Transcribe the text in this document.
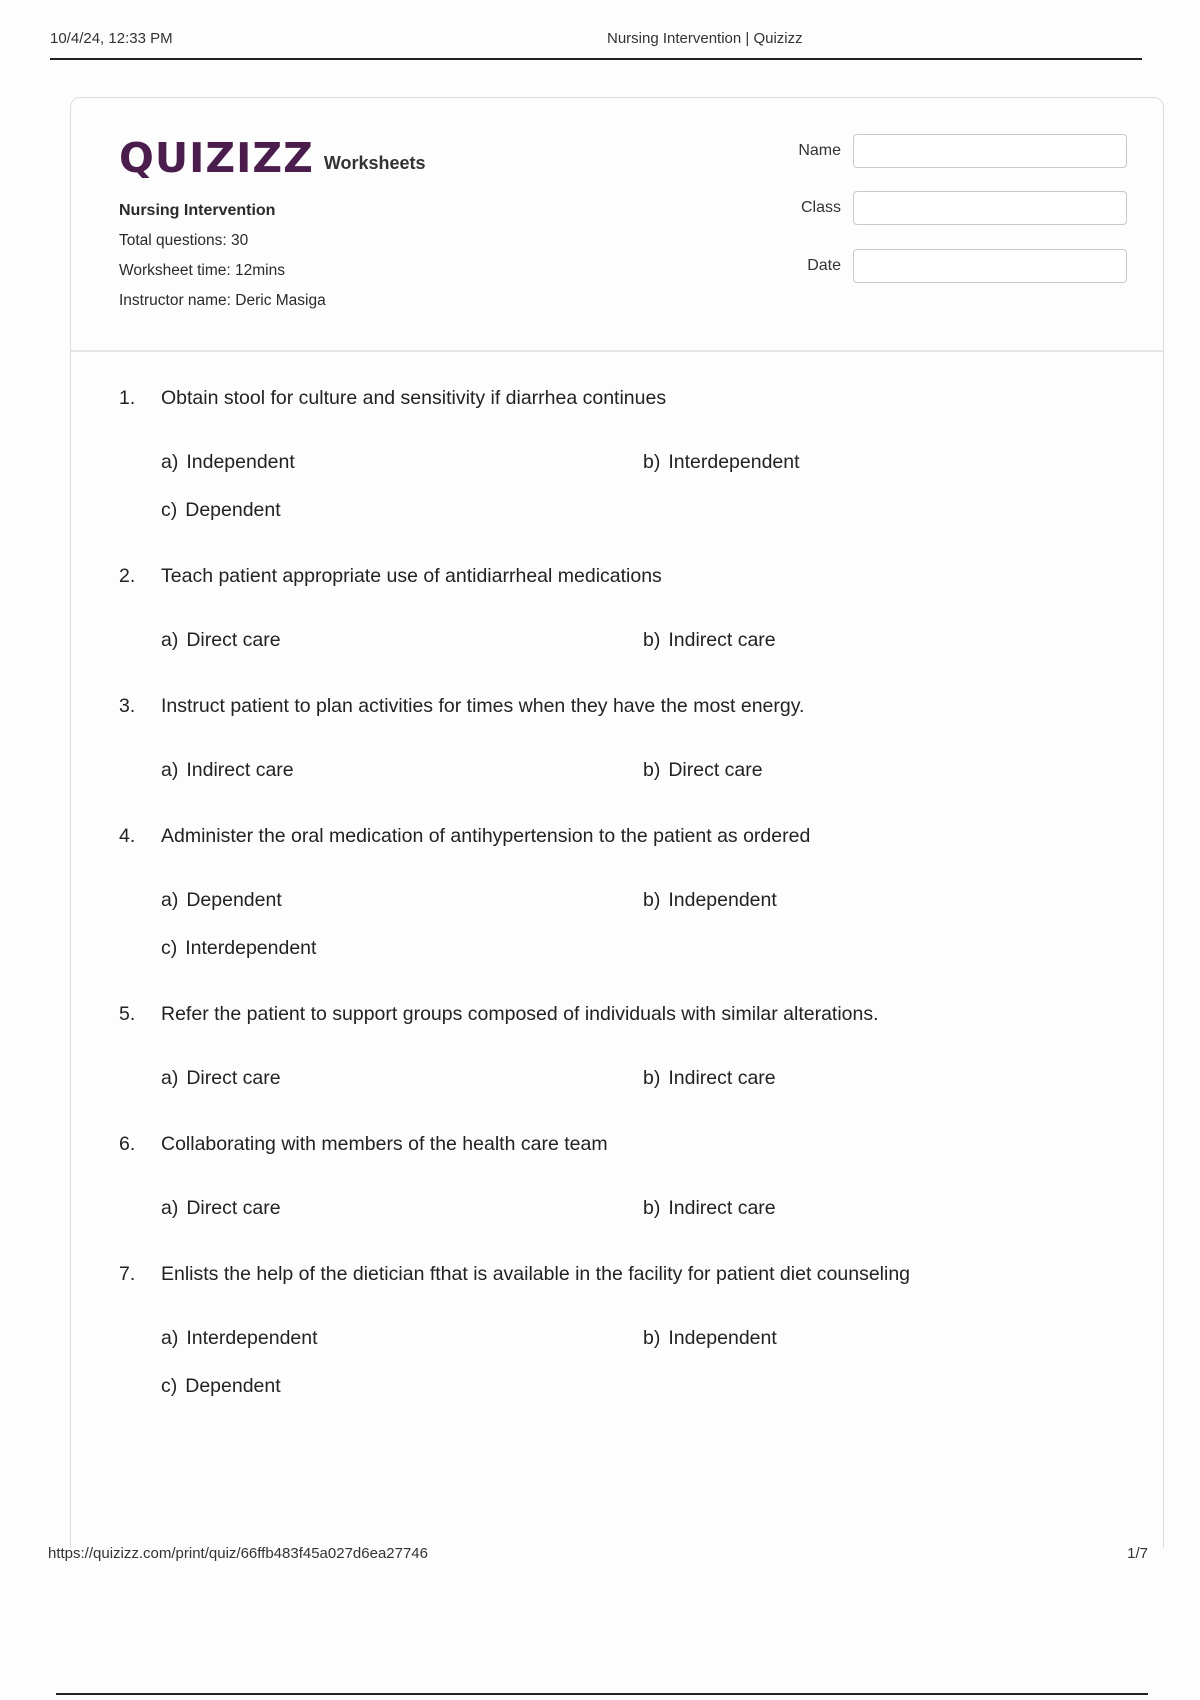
10/4/24, 12:33 PM	Nursing Intervention | Quizizz
QUIZIZZ Worksheets
Nursing Intervention
Total questions: 30
Worksheet time: 12mins
Instructor name: Deric Masiga
Name
Class
Date
1.	Obtain stool for culture and sensitivity if diarrhea continues
a) Independent	b) Interdependent
c) Dependent
2.	Teach patient appropriate use of antidiarrheal medications
a) Direct care	b) Indirect care
3.	Instruct patient to plan activities for times when they have the most energy.
a) Indirect care	b) Direct care
4.	Administer the oral medication of antihypertension to the patient as ordered
a) Dependent	b) Independent
c) Interdependent
5.	Refer the patient to support groups composed of individuals with similar alterations.
a) Direct care	b) Indirect care
6.	Collaborating with members of the health care team
a) Direct care	b) Indirect care
7.	Enlists the help of the dietician fthat is available in the facility for patient diet counseling
a) Interdependent	b) Independent
c) Dependent
https://quizizz.com/print/quiz/66ffb483f45a027d6ea27746	1/7
